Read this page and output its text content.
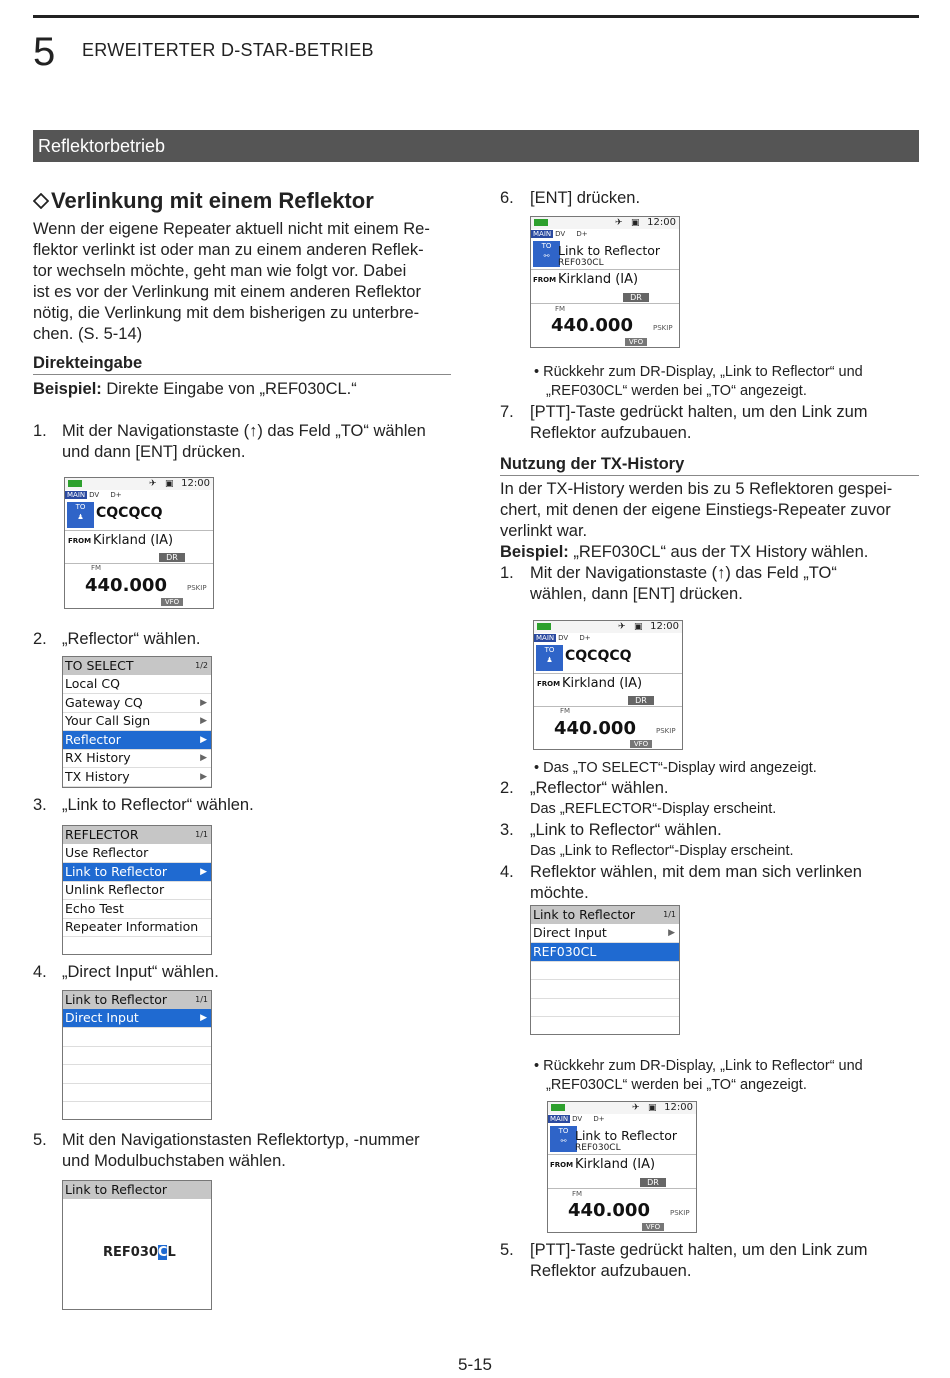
5 ERWEITERTER D-STAR-BETRIEB
Reflektorbetrieb
Verlinkung mit einem Reflektor
Wenn der eigene Repeater aktuell nicht mit einem Re-
flektor verlinkt ist oder man zu einem anderen Reflek-
tor wechseln möchte, geht man wie folgt vor. Dabei
ist es vor der Verlinkung mit einem anderen Reflektor
nötig, die Verlinkung mit dem bisherigen zu unterbre-
chen. (S. 5-14)
Direkteingabe
Beispiel: Direkte Eingabe von „REF030CL.“
1. Mit der Navigationstaste (↑) das Feld „TO“ wählen
und dann [ENT] drücken.
✈ ▣ 12:00
MAIN DV D+
TO
♟ CQCQCQ
FROM Kirkland (IA)
DR
FM
440.000	PSKIP
VFO
2. „Reflector“ wählen.
TO SELECT	1/2
Local CQ
Gateway CQ	▶
Your Call Sign	▶
Reflector	▶
RX History	▶
TX History	▶
3. „Link to Reflector“ wählen.
REFLECTOR	1/1
Use Reflector
Link to Reflector	▶
Unlink Reflector
Echo Test
Repeater Information
4. „Direct Input“ wählen.
Link to Reflector	1/1
Direct Input	▶
5. Mit den Navigationstasten Reflektortyp, -nummer
und Modulbuchstaben wählen.
Link to Reflector
REF030CL
6. [ENT] drücken.
✈ ▣ 12:00
MAIN DV D+
TO
⚯ Link to Reflector
REF030CL
FROM Kirkland (IA)
DR
FM
440.000	PSKIP
VFO
• Rückkehr zum DR-Display, „Link to Reflector“ und
„REF030CL“ werden bei „TO“ angezeigt.
7. [PTT]-Taste gedrückt halten, um den Link zum
Reflektor aufzubauen.
Nutzung der TX-History
In der TX-History werden bis zu 5 Reflektoren gespei-
chert, mit denen der eigene Einstiegs-Repeater zuvor
verlinkt war.
Beispiel: „REF030CL“ aus der TX History wählen.
1. Mit der Navigationstaste (↑) das Feld „TO“
wählen, dann [ENT] drücken.
✈ ▣ 12:00
MAIN DV D+
TO
♟ CQCQCQ
FROM Kirkland (IA)
DR
FM
440.000	PSKIP
VFO
• Das „TO SELECT“-Display wird angezeigt.
2. „Reflector“ wählen.
Das „REFLECTOR“-Display erscheint.
3. „Link to Reflector“ wählen.
Das „Link to Reflector“-Display erscheint.
4. Reflektor wählen, mit dem man sich verlinken
möchte.
Link to Reflector	1/1
Direct Input	▶
REF030CL
• Rückkehr zum DR-Display, „Link to Reflector“ und
„REF030CL“ werden bei „TO“ angezeigt.
✈ ▣ 12:00
MAIN DV D+
TO
⚯ Link to Reflector
REF030CL
FROM Kirkland (IA)
DR
FM
440.000	PSKIP
VFO
5. [PTT]-Taste gedrückt halten, um den Link zum
Reflektor aufzubauen.
5-15
